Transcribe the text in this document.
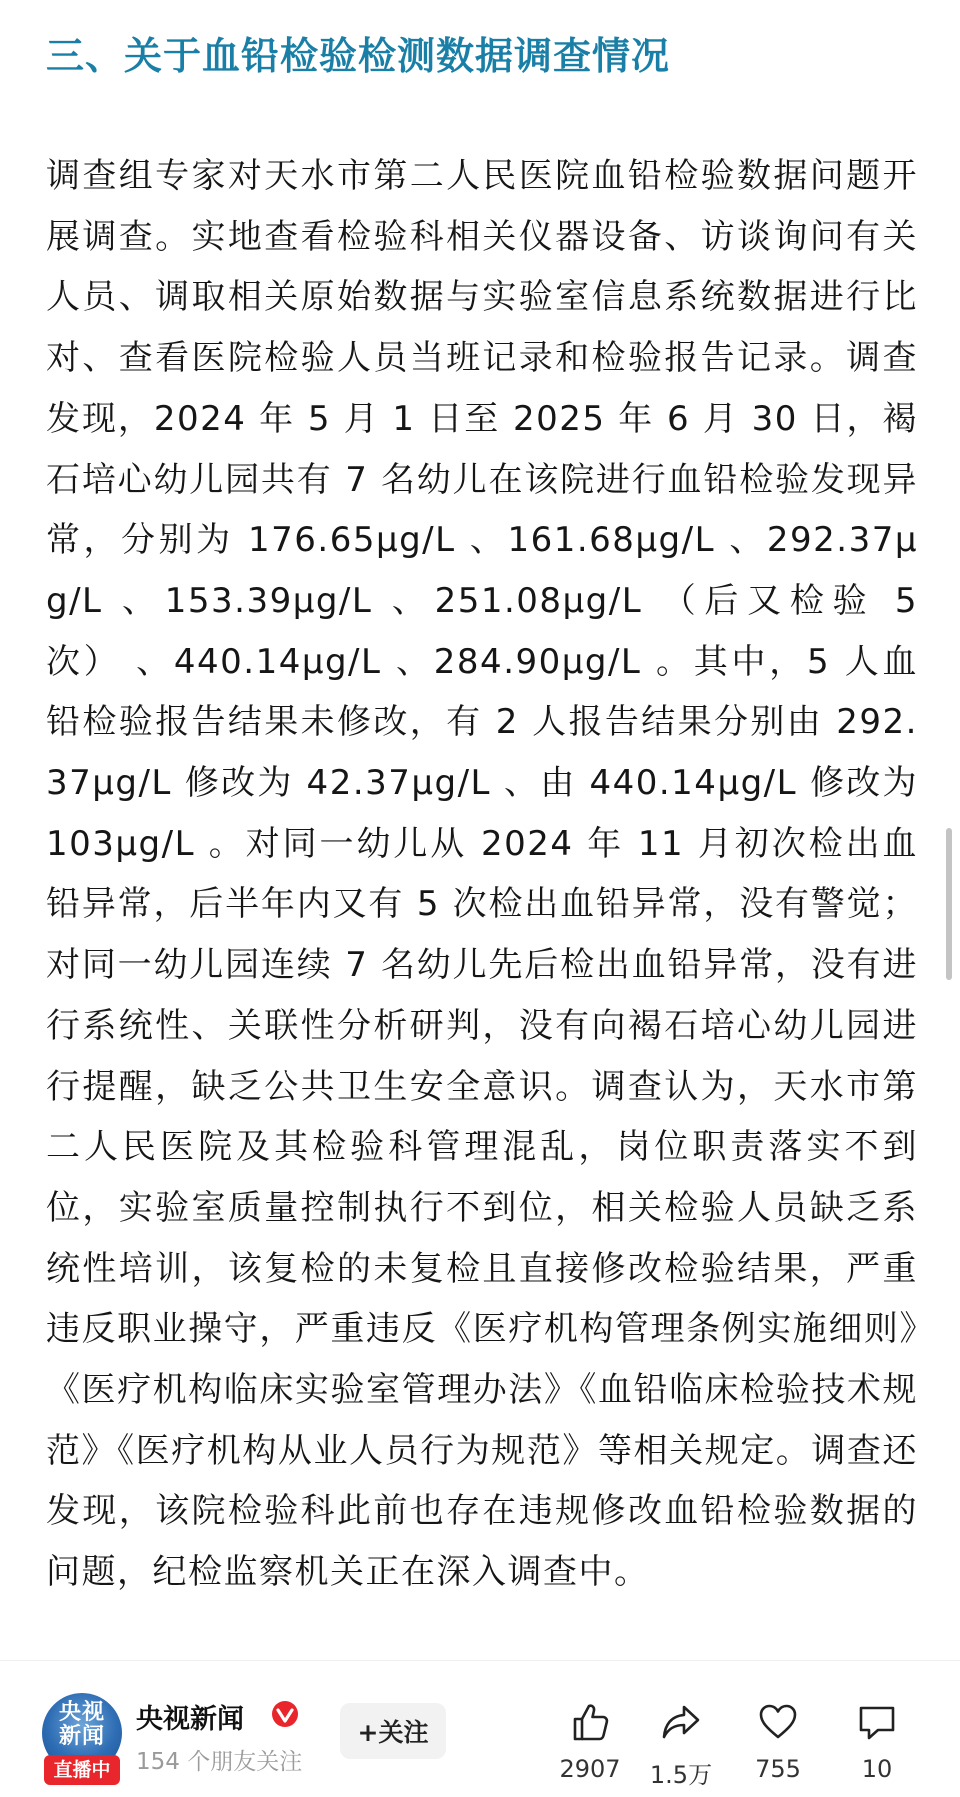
三、关于血铅检验检测数据调查情况
调查组专家对天水市第二人民医院血铅检验数据问题开展调查。实地查看检验科相关仪器设备、访谈询问有关人员、调取相关原始数据与实验室信息系统数据进行比对、查看医院检验人员当班记录和检验报告记录。调查发现，2024 年 5 月 1 日至 2025 年 6 月 30 日，褐石培心幼儿园共有 7 名幼儿在该院进行血铅检验发现异常，分别为 176.65μg/L 、161.68μg/L 、292.37μg/L 、153.39μg/L 、251.08μg/L （后又检验 5 次） 、440.14μg/L 、284.90μg/L 。其中，5 人血铅检验报告结果未修改，有 2 人报告结果分别由 292.37μg/L 修改为 42.37μg/L 、由 440.14μg/L 修改为 103μg/L 。对同一幼儿从 2024 年 11 月初次检出血铅异常，后半年内又有 5 次检出血铅异常，没有警觉；对同一幼儿园连续 7 名幼儿先后检出血铅异常，没有进行系统性、关联性分析研判，没有向褐石培心幼儿园进行提醒，缺乏公共卫生安全意识。调查认为，天水市第二人民医院及其检验科管理混乱，岗位职责落实不到位，实验室质量控制执行不到位，相关检验人员缺乏系统性培训，该复检的未复检且直接修改检验结果，严重违反职业操守，严重违反《医疗机构管理条例实施细则》《医疗机构临床实验室管理办法》《血铅临床检验技术规范》《医疗机构从业人员行为规范》等相关规定。调查还发现，该院检验科此前也存在违规修改血铅检验数据的问题，纪检监察机关正在深入调查中。
央视
新闻
直播中
央视新闻
154 个朋友关注
+关注
2907	1.5万	755	10
